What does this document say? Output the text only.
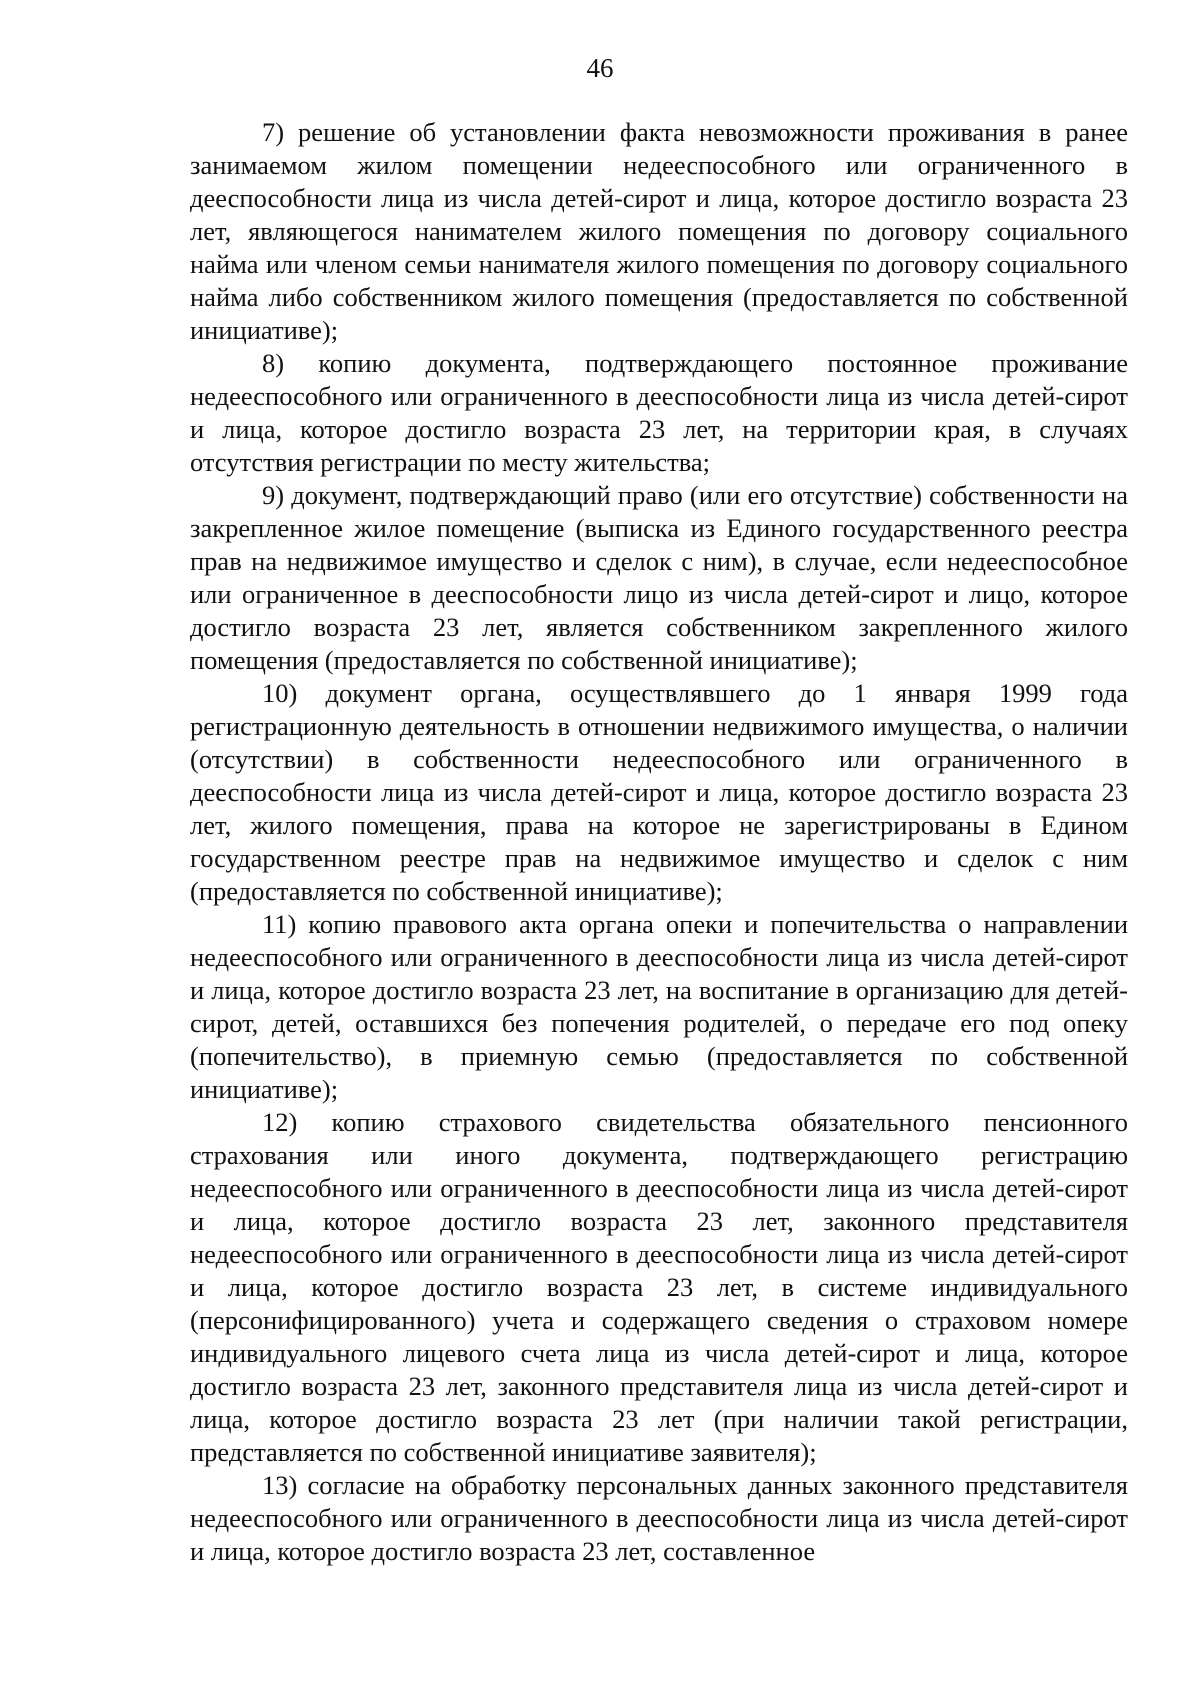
46

7) решение об установлении факта невозможности проживания в ранее занимаемом жилом помещении недееспособного или ограниченного в дееспособности лица из числа детей-сирот и лица, которое достигло возраста 23 лет, являющегося нанимателем жилого помещения по договору социального найма или членом семьи нанимателя жилого помещения по договору социального найма либо собственником жилого помещения (предоставляется по собственной инициативе);

8) копию документа, подтверждающего постоянное проживание недееспособного или ограниченного в дееспособности лица из числа детей-сирот и лица, которое достигло возраста 23 лет, на территории края, в случаях отсутствия регистрации по месту жительства;

9) документ, подтверждающий право (или его отсутствие) собственности на закрепленное жилое помещение (выписка из Единого государственного реестра прав на недвижимое имущество и сделок с ним), в случае, если недееспособное или ограниченное в дееспособности лицо из числа детей-сирот и лицо, которое достигло возраста 23 лет, является собственником закрепленного жилого помещения (предоставляется по собственной инициативе);

10) документ органа, осуществлявшего до 1 января 1999 года регистрационную деятельность в отношении недвижимого имущества, о наличии (отсутствии) в собственности недееспособного или ограниченного в дееспособности лица из числа детей-сирот и лица, которое достигло возраста 23 лет, жилого помещения, права на которое не зарегистрированы в Едином государственном реестре прав на недвижимое имущество и сделок с ним (предоставляется по собственной инициативе);

11) копию правового акта органа опеки и попечительства о направлении недееспособного или ограниченного в дееспособности лица из числа детей-сирот и лица, которое достигло возраста 23 лет, на воспитание в организацию для детей-сирот, детей, оставшихся без попечения родителей, о передаче его под опеку (попечительство), в приемную семью (предоставляется по собственной инициативе);

12) копию страхового свидетельства обязательного пенсионного страхования или иного документа, подтверждающего регистрацию недееспособного или ограниченного в дееспособности лица из числа детей-сирот и лица, которое достигло возраста 23 лет, законного представителя недееспособного или ограниченного в дееспособности лица из числа детей-сирот и лица, которое достигло возраста 23 лет, в системе индивидуального (персонифицированного) учета и содержащего сведения о страховом номере индивидуального лицевого счета лица из числа детей-сирот и лица, которое достигло возраста 23 лет, законного представителя лица из числа детей-сирот и лица, которое достигло возраста 23 лет (при наличии такой регистрации, представляется по собственной инициативе заявителя);

13) согласие на обработку персональных данных законного представителя недееспособного или ограниченного в дееспособности лица из числа детей-сирот и лица, которое достигло возраста 23 лет, составленное
